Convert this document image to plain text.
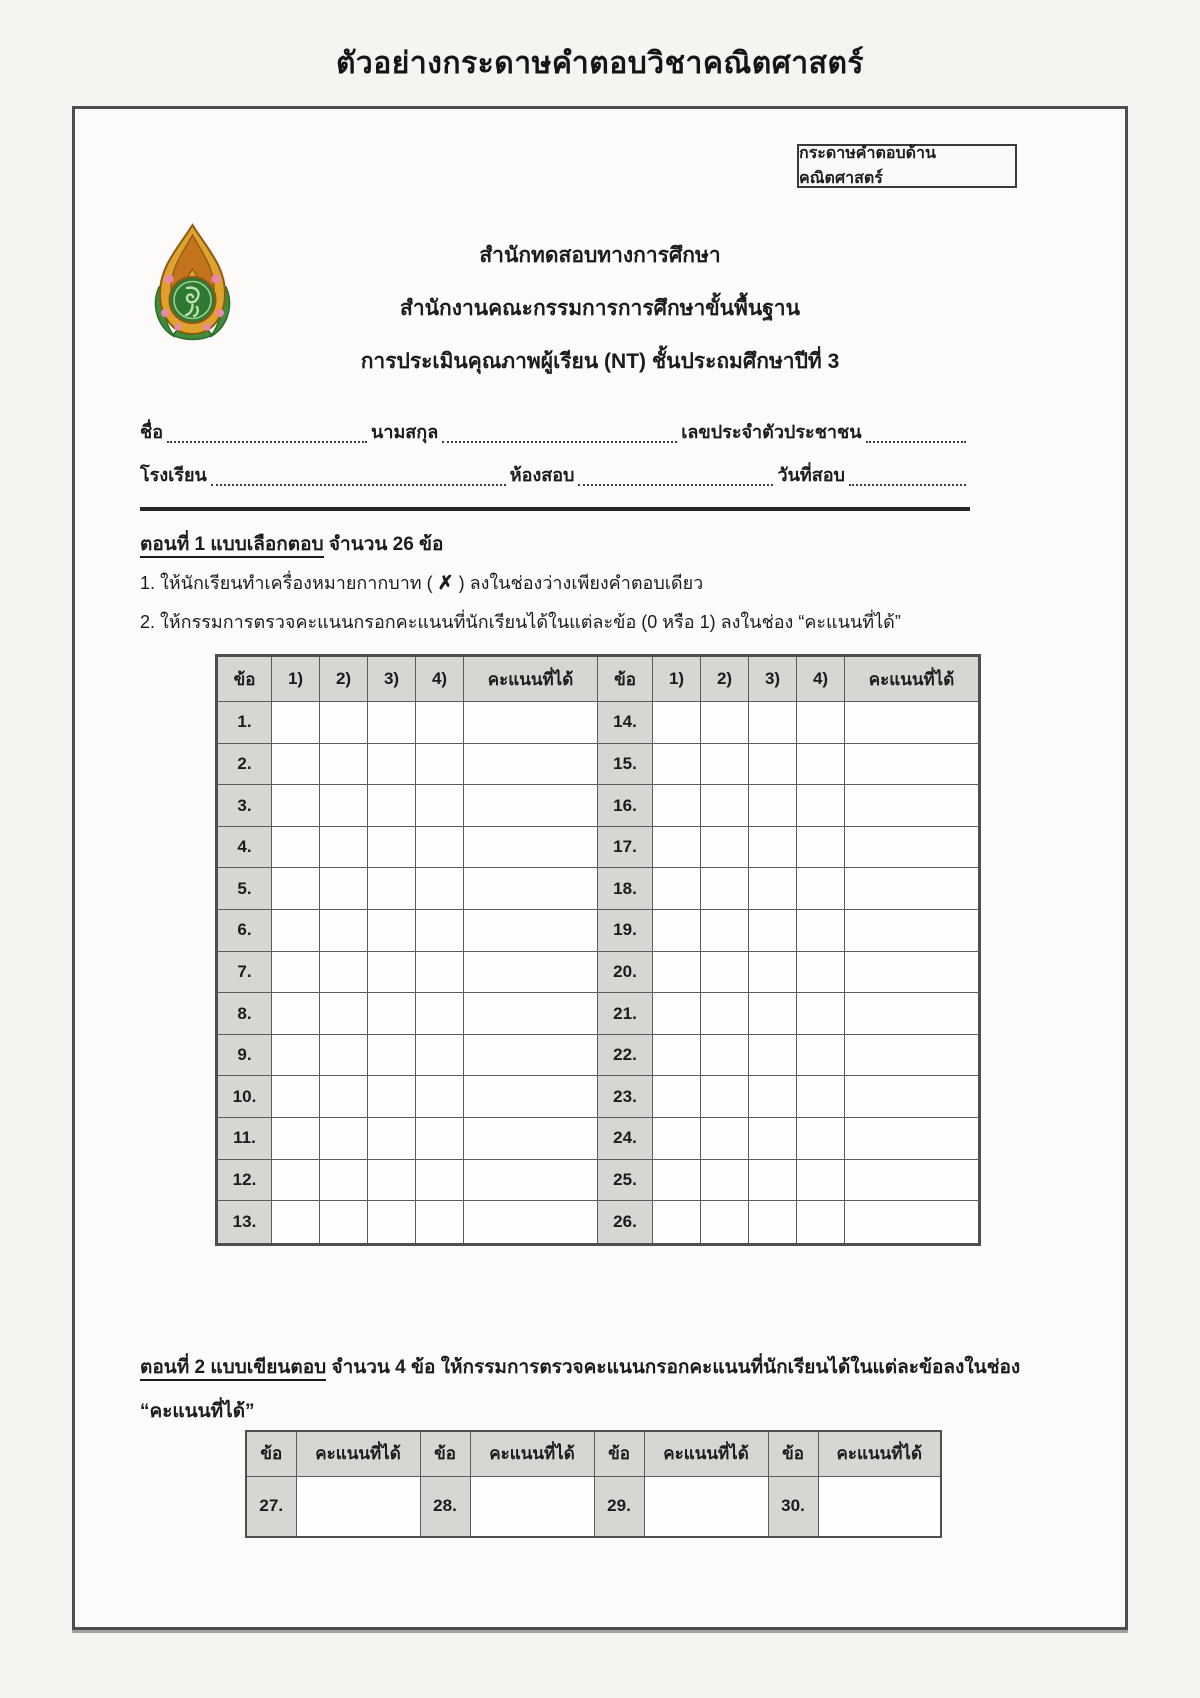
ตัวอย่างกระดาษคำตอบวิชาคณิตศาสตร์
กระดาษคำตอบด้านคณิตศาสตร์
สำนักทดสอบทางการศึกษา
สำนักงานคณะกรรมการการศึกษาขั้นพื้นฐาน
การประเมินคุณภาพผู้เรียน (NT) ชั้นประถมศึกษาปีที่ 3
ชื่อ	นามสกุล	เลขประจำตัวประชาชน
โรงเรียน	ห้องสอบ	วันที่สอบ
ตอนที่ 1 แบบเลือกตอบ จำนวน 26 ข้อ
1. ให้นักเรียนทำเครื่องหมายกากบาท ( ✗ ) ลงในช่องว่างเพียงคำตอบเดียว
2. ให้กรรมการตรวจคะแนนกรอกคะแนนที่นักเรียนได้ในแต่ละข้อ (0 หรือ 1) ลงในช่อง “คะแนนที่ได้”
ข้อ	1)	2)	3)	4)	คะแนนที่ได้	ข้อ	1)	2)	3)	4)	คะแนนที่ได้
1.						14.					
2.						15.					
3.						16.					
4.						17.					
5.						18.					
6.						19.					
7.						20.					
8.						21.					
9.						22.					
10.						23.					
11.						24.					
12.						25.					
13.						26.					
ตอนที่ 2 แบบเขียนตอบ จำนวน 4 ข้อ ให้กรรมการตรวจคะแนนกรอกคะแนนที่นักเรียนได้ในแต่ละข้อลงในช่อง
“คะแนนที่ได้”
ข้อ	คะแนนที่ได้	ข้อ	คะแนนที่ได้	ข้อ	คะแนนที่ได้	ข้อ	คะแนนที่ได้
27.		28.		29.		30.	
